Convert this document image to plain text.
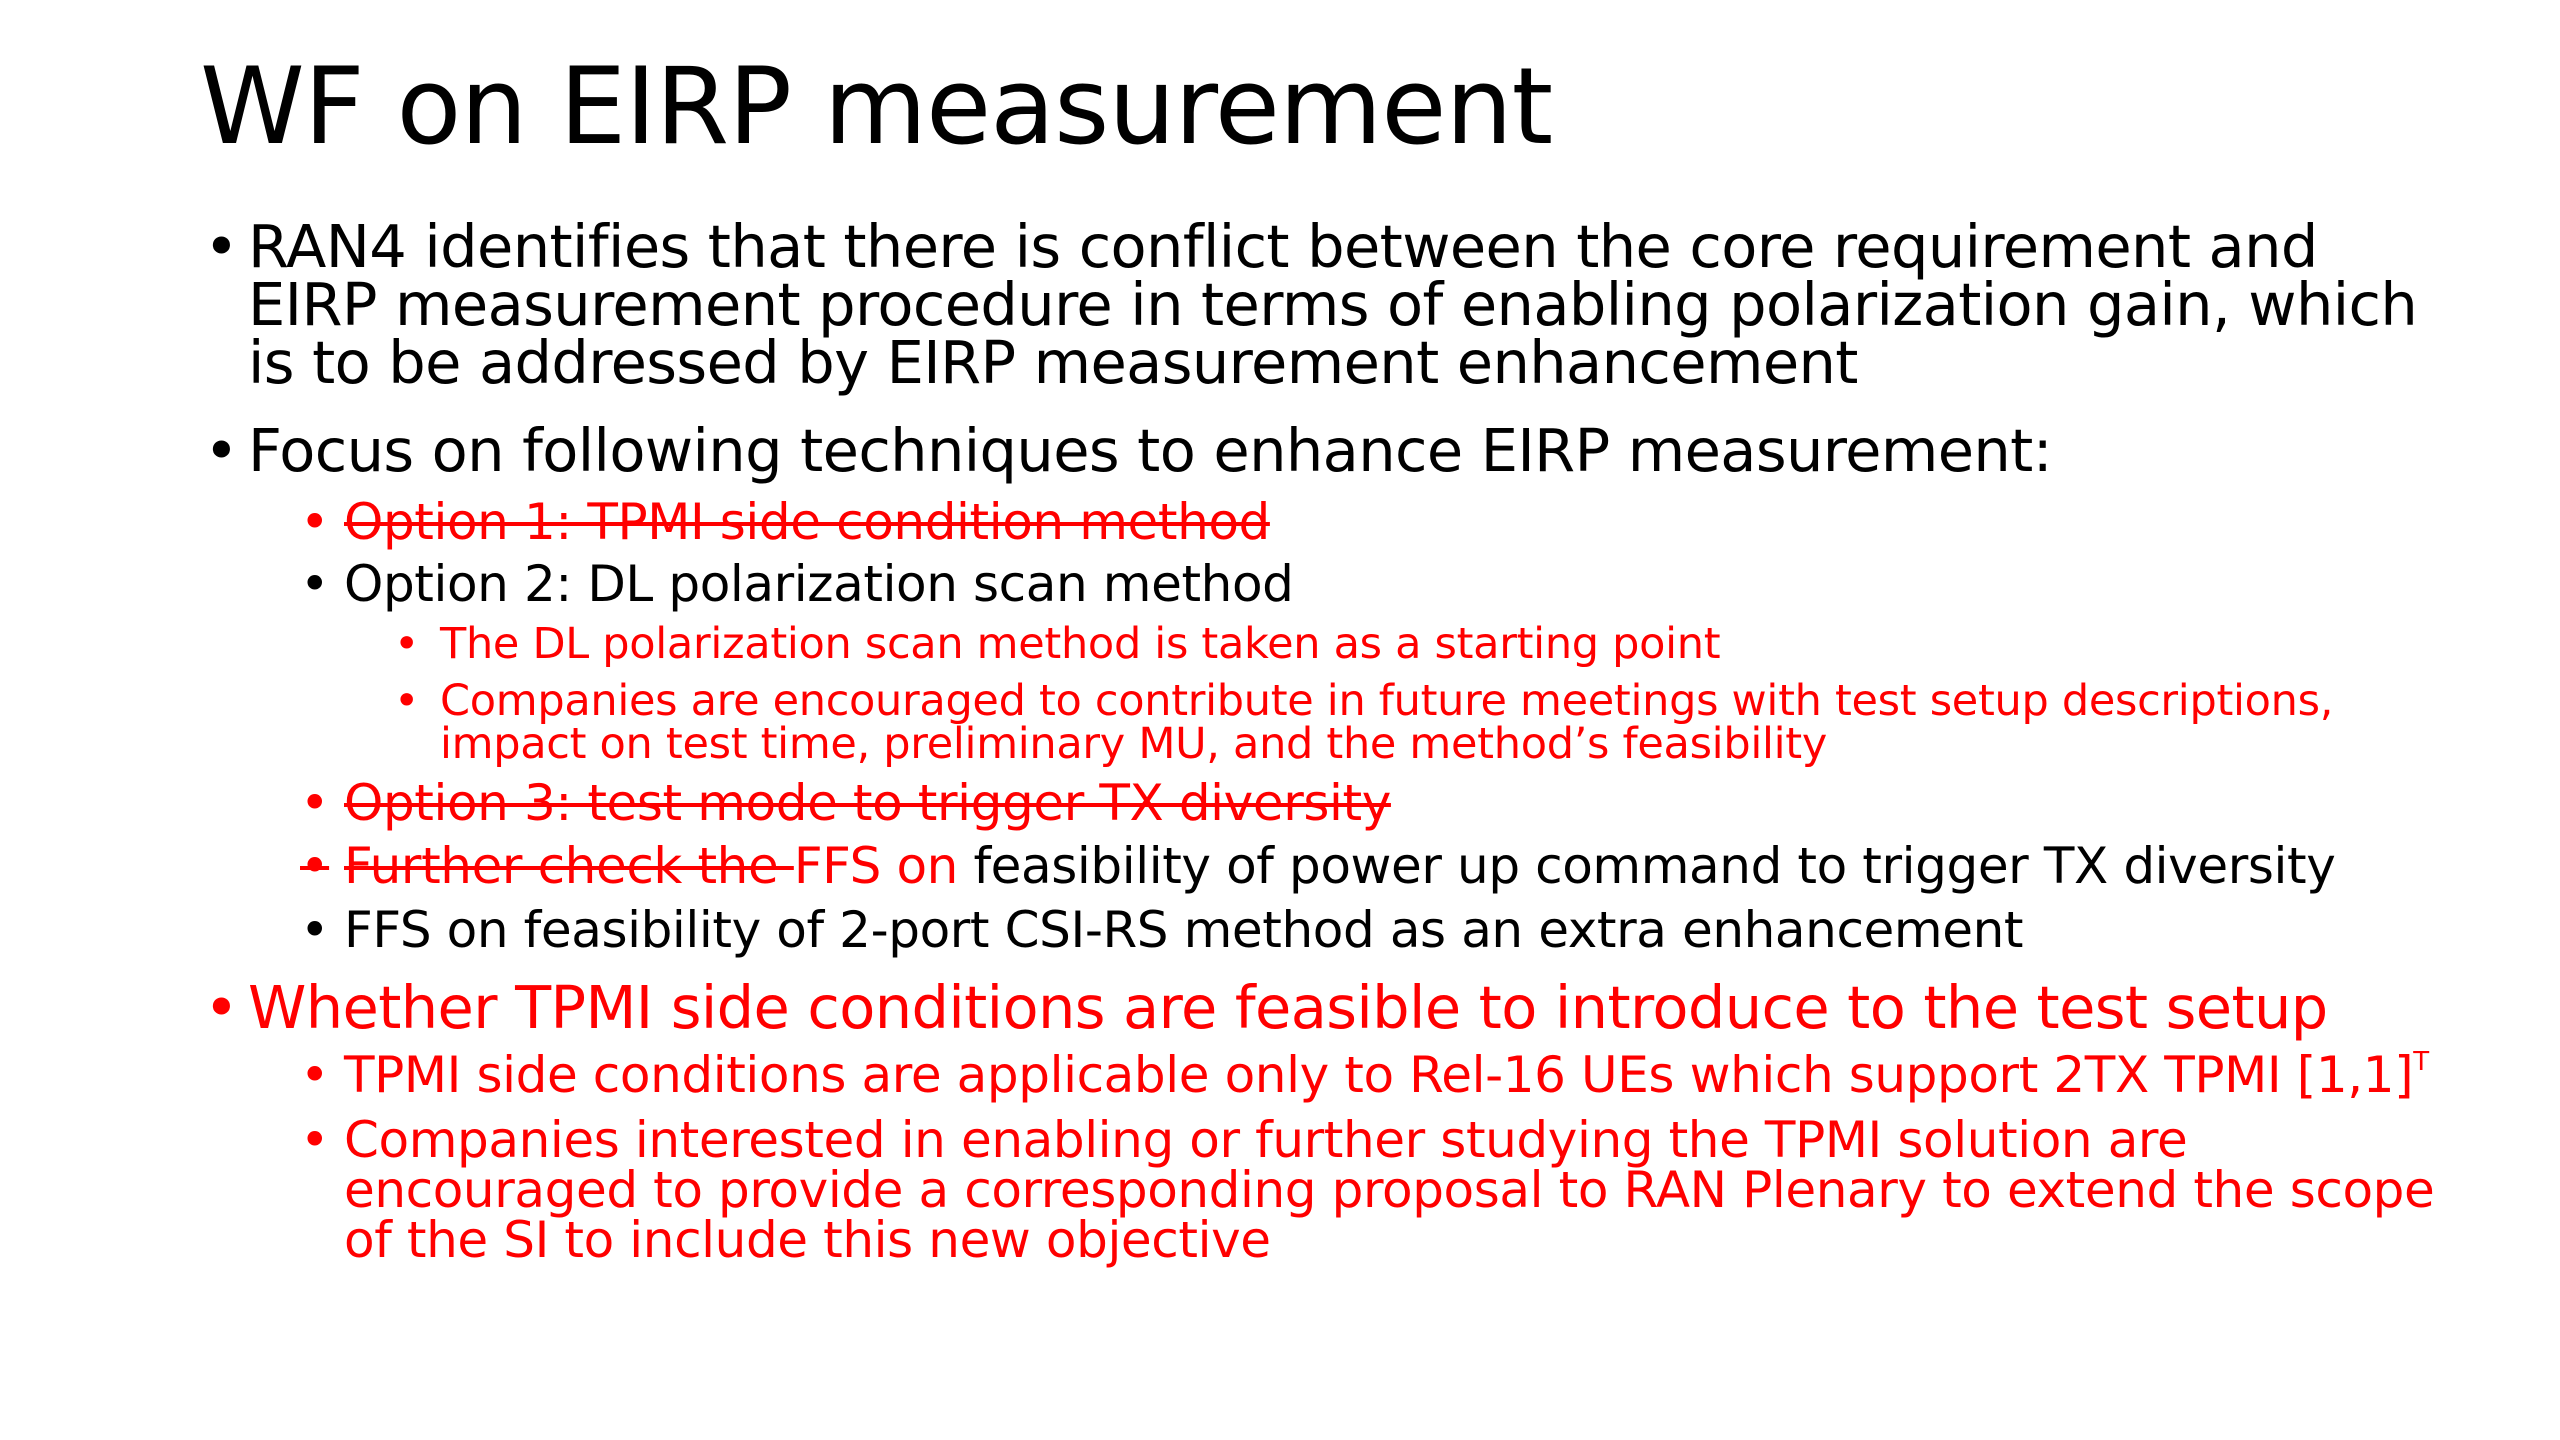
WF on EIRP measurement
• RAN4 identifies that there is conflict between the core requirement and
EIRP measurement procedure in terms of enabling polarization gain, which
is to be addressed by EIRP measurement enhancement
• Focus on following techniques to enhance EIRP measurement:
• Option 1: TPMI side condition method
• Option 2: DL polarization scan method
• The DL polarization scan method is taken as a starting point
• Companies are encouraged to contribute in future meetings with test setup descriptions,
impact on test time, preliminary MU, and the method’s feasibility
• Option 3: test mode to trigger TX diversity
• Further check the FFS on feasibility of power up command to trigger TX diversity
• FFS on feasibility of 2-port CSI-RS method as an extra enhancement
• Whether TPMI side conditions are feasible to introduce to the test setup
• TPMI side conditions are applicable only to Rel-16 UEs which support 2TX TPMI $[1,1]^T$
• Companies interested in enabling or further studying the TPMI solution are
encouraged to provide a corresponding proposal to RAN Plenary to extend the scope
of the SI to include this new objective
